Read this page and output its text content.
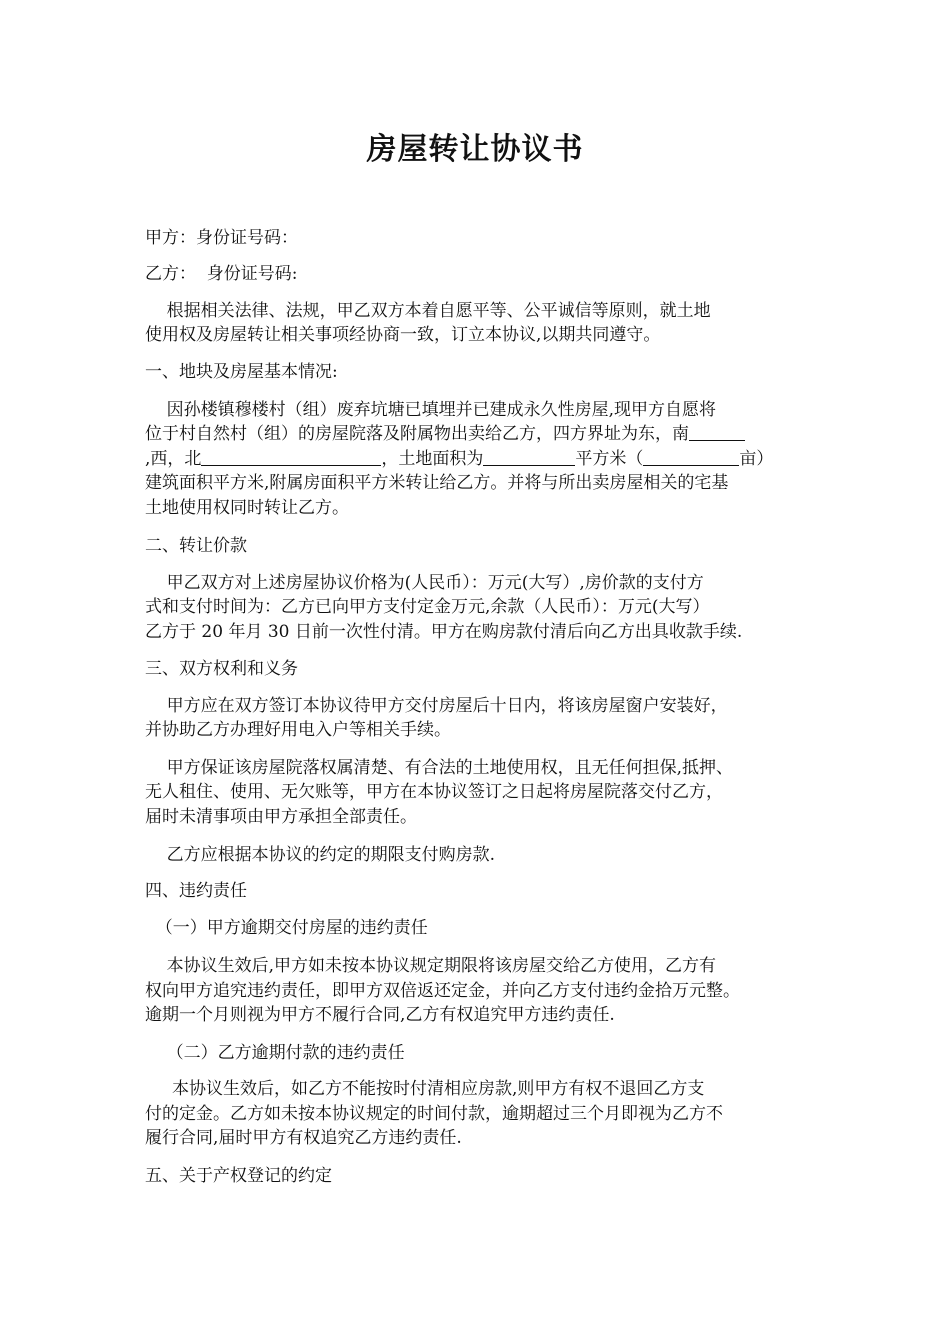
房屋转让协议书
甲方：身份证号码：
乙方：  身份证号码:
根据相关法律、法规，甲乙双方本着自愿平等、公平诚信等原则，就土地
使用权及房屋转让相关事项经协商一致，订立本协议,以期共同遵守。
一、地块及房屋基本情况:
因孙楼镇穆楼村（组）废弃坑塘已填埋并已建成永久性房屋,现甲方自愿将
位于村自然村（组）的房屋院落及附属物出卖给乙方，四方界址为东，南
,西，北	，土地面积为	平方米（	亩）
建筑面积平方米,附属房面积平方米转让给乙方。并将与所出卖房屋相关的宅基
土地使用权同时转让乙方。
二、转让价款
甲乙双方对上述房屋协议价格为(人民币）：万元(大写）,房价款的支付方
式和支付时间为：乙方已向甲方支付定金万元,余款（人民币）：万元(大写）
乙方于 20 年月 30 日前一次性付清。甲方在购房款付清后向乙方出具收款手续.
三、双方权利和义务
甲方应在双方签订本协议待甲方交付房屋后十日内，将该房屋窗户安装好，
并协助乙方办理好用电入户等相关手续。
甲方保证该房屋院落权属清楚、有合法的土地使用权，且无任何担保,抵押、
无人租住、使用、无欠账等，甲方在本协议签订之日起将房屋院落交付乙方，
届时未清事项由甲方承担全部责任。
乙方应根据本协议的约定的期限支付购房款.
四、违约责任
（一）甲方逾期交付房屋的违约责任
本协议生效后,甲方如未按本协议规定期限将该房屋交给乙方使用，乙方有
权向甲方追究违约责任，即甲方双倍返还定金，并向乙方支付违约金拾万元整。
逾期一个月则视为甲方不履行合同,乙方有权追究甲方违约责任.
（二）乙方逾期付款的违约责任
本协议生效后，如乙方不能按时付清相应房款,则甲方有权不退回乙方支
付的定金。乙方如未按本协议规定的时间付款，逾期超过三个月即视为乙方不
履行合同,届时甲方有权追究乙方违约责任.
五、关于产权登记的约定
